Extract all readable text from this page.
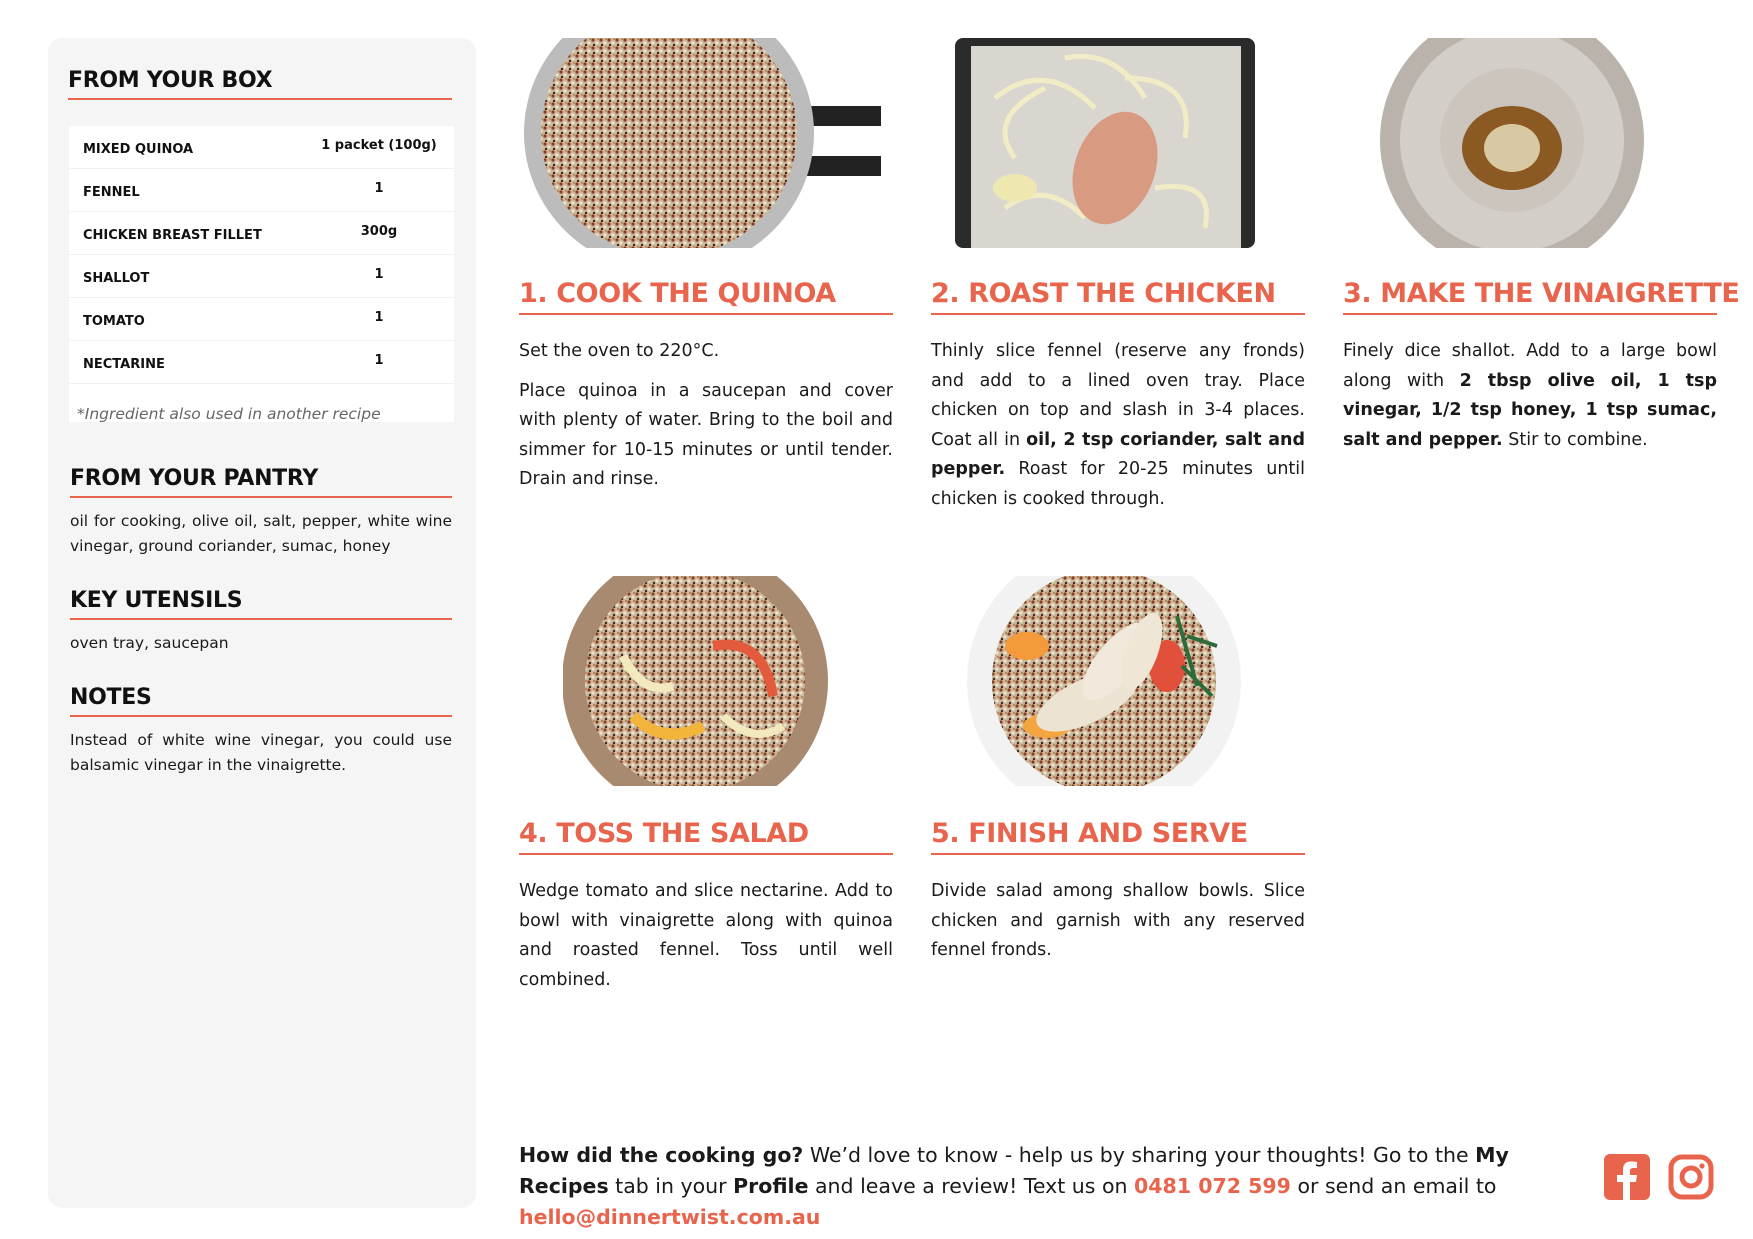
FROM YOUR BOX
MIXED QUINOA	1 packet (100g)
FENNEL	1
CHICKEN BREAST FILLET	300g
SHALLOT	1
TOMATO	1
NECTARINE	1

*Ingredient also used in another recipe
FROM YOUR PANTRY
oil for cooking, olive oil, salt, pepper, white wine vinegar, ground coriander, sumac, honey
KEY UTENSILS
oven tray, saucepan
NOTES
Instead of white wine vinegar, you could use balsamic vinegar in the vinaigrette.
1. COOK THE QUINOA

Set the oven to 220°C.

Place quinoa in a saucepan and cover with plenty of water. Bring to the boil and simmer for 10-15 minutes or until tender. Drain and rinse.

2. ROAST THE CHICKEN

Thinly slice fennel (reserve any fronds) and add to a lined oven tray. Place chicken on top and slash in 3-4 places. Coat all in oil, 2 tsp coriander, salt and pepper. Roast for 20-25 minutes until chicken is cooked through.

3. MAKE THE VINAIGRETTE

Finely dice shallot. Add to a large bowl along with 2 tbsp olive oil, 1 tsp vinegar, 1/2 tsp honey, 1 tsp sumac, salt and pepper. Stir to combine.

4. TOSS THE SALAD

Wedge tomato and slice nectarine. Add to bowl with vinaigrette along with quinoa and roasted fennel. Toss until well combined.

5. FINISH AND SERVE

Divide salad among shallow bowls. Slice chicken and garnish with any reserved fennel fronds.

How did the cooking go? We’d love to know - help us by sharing your thoughts! Go to the My Recipes tab in your Profile and leave a review! Text us on 0481 072 599 or send an email to hello@dinnertwist.com.au
